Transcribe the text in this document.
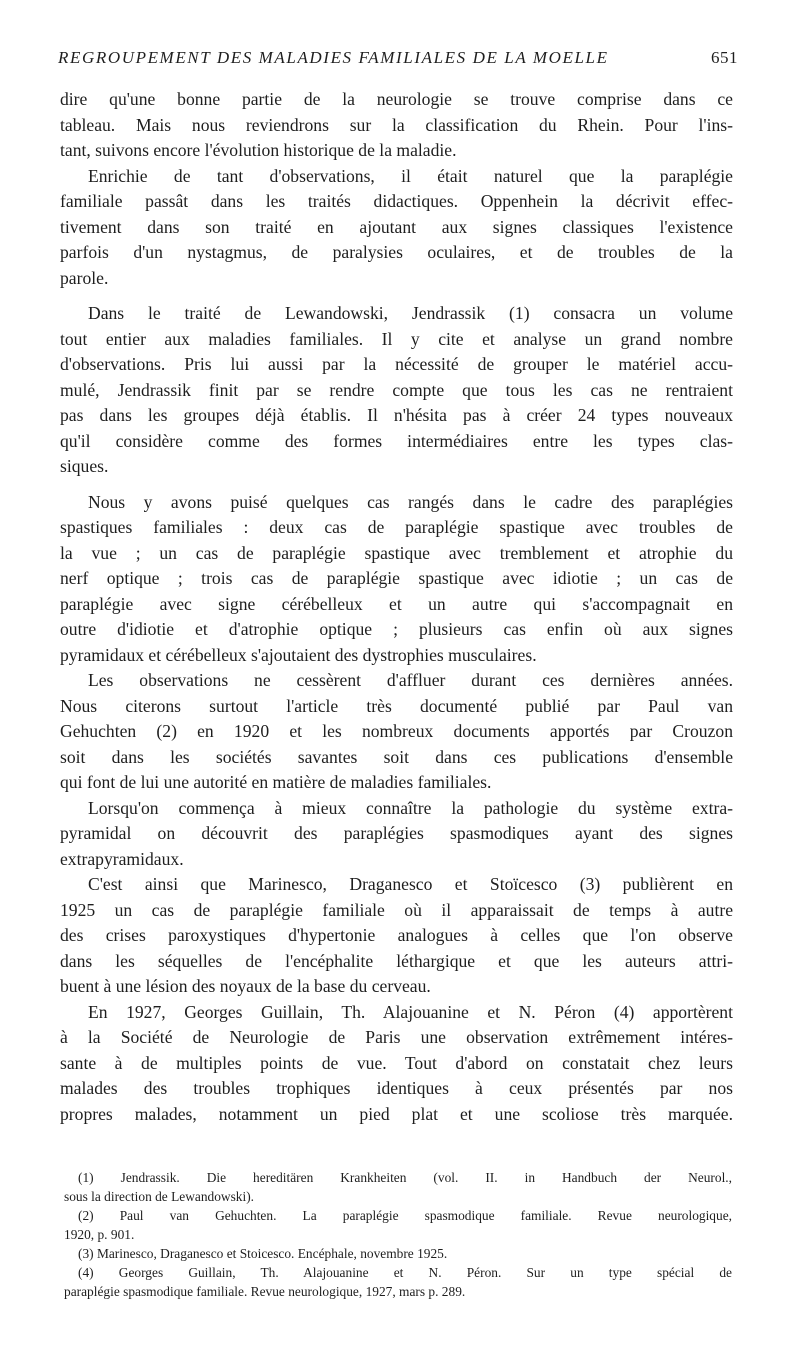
REGROUPEMENT DES MALADIES FAMILIALES DE LA MOELLE	651
dire qu'une bonne partie de la neurologie se trouve comprise dans ce
tableau. Mais nous reviendrons sur la classification du Rhein. Pour l'ins-
tant, suivons encore l'évolution historique de la maladie.
Enrichie de tant d'observations, il était naturel que la paraplégie
familiale passât dans les traités didactiques. Oppenhein la décrivit effec-
tivement dans son traité en ajoutant aux signes classiques l'existence
parfois d'un nystagmus, de paralysies oculaires, et de troubles de la
parole.
Dans le traité de Lewandowski, Jendrassik (1) consacra un volume
tout entier aux maladies familiales. Il y cite et analyse un grand nombre
d'observations. Pris lui aussi par la nécessité de grouper le matériel accu-
mulé, Jendrassik finit par se rendre compte que tous les cas ne rentraient
pas dans les groupes déjà établis. Il n'hésita pas à créer 24 types nouveaux
qu'il considère comme des formes intermédiaires entre les types clas-
siques.
Nous y avons puisé quelques cas rangés dans le cadre des paraplégies
spastiques familiales : deux cas de paraplégie spastique avec troubles de
la vue ; un cas de paraplégie spastique avec tremblement et atrophie du
nerf optique ; trois cas de paraplégie spastique avec idiotie ; un cas de
paraplégie avec signe cérébelleux et un autre qui s'accompagnait en
outre d'idiotie et d'atrophie optique ; plusieurs cas enfin où aux signes
pyramidaux et cérébelleux s'ajoutaient des dystrophies musculaires.
Les observations ne cessèrent d'affluer durant ces dernières années.
Nous citerons surtout l'article très documenté publié par Paul van
Gehuchten (2) en 1920 et les nombreux documents apportés par Crouzon
soit dans les sociétés savantes soit dans ces publications d'ensemble
qui font de lui une autorité en matière de maladies familiales.
Lorsqu'on commença à mieux connaître la pathologie du système extra-
pyramidal on découvrit des paraplégies spasmodiques ayant des signes
extrapyramidaux.
C'est ainsi que Marinesco, Draganesco et Stoïcesco (3) publièrent en
1925 un cas de paraplégie familiale où il apparaissait de temps à autre
des crises paroxystiques d'hypertonie analogues à celles que l'on observe
dans les séquelles de l'encéphalite léthargique et que les auteurs attri-
buent à une lésion des noyaux de la base du cerveau.
En 1927, Georges Guillain, Th. Alajouanine et N. Péron (4) apportèrent
à la Société de Neurologie de Paris une observation extrêmement intéres-
sante à de multiples points de vue. Tout d'abord on constatait chez leurs
malades des troubles trophiques identiques à ceux présentés par nos
propres malades, notamment un pied plat et une scoliose très marquée.
(1) Jendrassik. Die hereditären Krankheiten (vol. II. in Handbuch der Neurol.,
sous la direction de Lewandowski).
(2) Paul van Gehuchten. La paraplégie spasmodique familiale. Revue neurologique,
1920, p. 901.
(3) Marinesco, Draganesco et Stoicesco. Encéphale, novembre 1925.
(4) Georges Guillain, Th. Alajouanine et N. Péron. Sur un type spécial de
paraplégie spasmodique familiale. Revue neurologique, 1927, mars p. 289.
